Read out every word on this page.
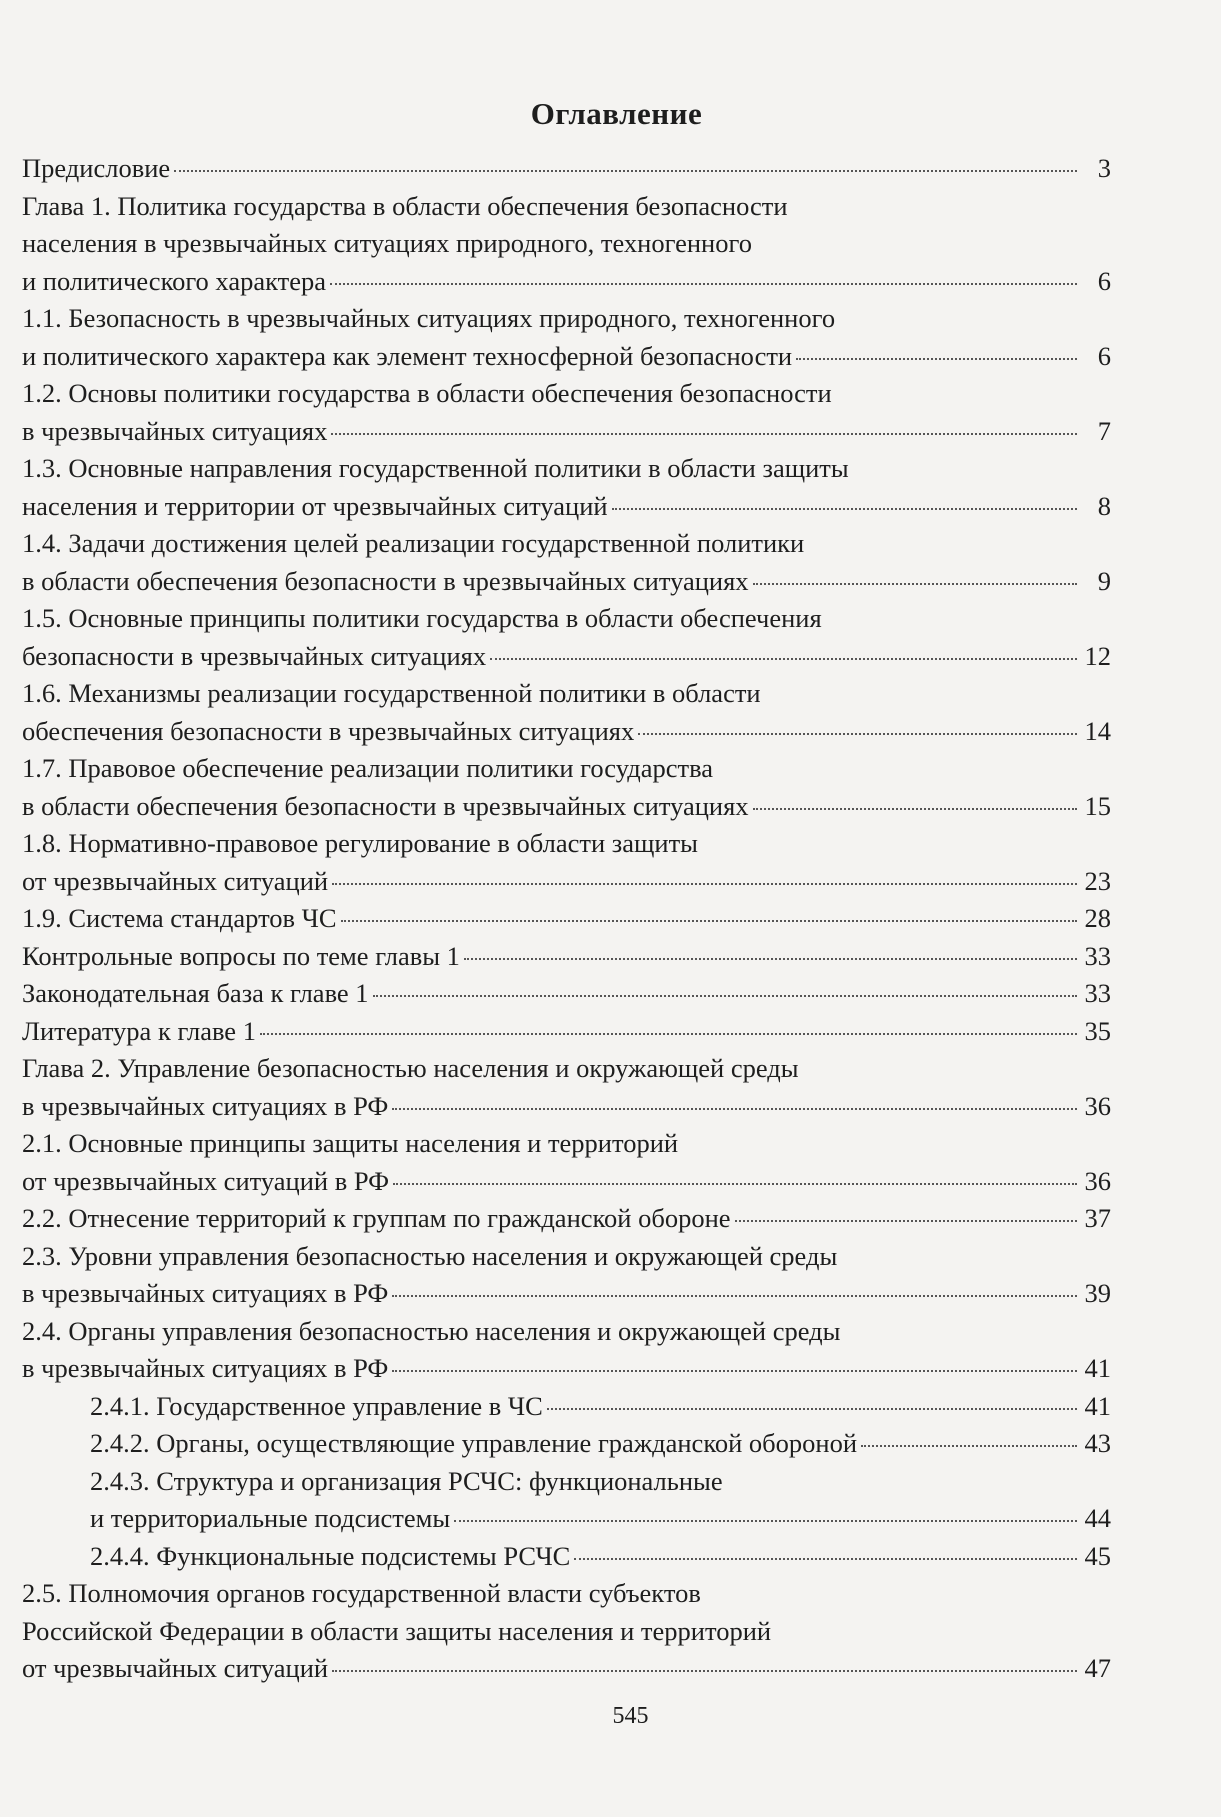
Оглавление
Предисловие	3
Глава 1. Политика государства в области обеспечения безопасности
населения в чрезвычайных ситуациях природного, техногенного
и политического характера	6
1.1. Безопасность в чрезвычайных ситуациях природного, техногенного
и политического характера как элемент техносферной безопасности	6
1.2. Основы политики государства в области обеспечения безопасности
в чрезвычайных ситуациях	7
1.3. Основные направления государственной политики в области защиты
населения и территории от чрезвычайных ситуаций	8
1.4. Задачи достижения целей реализации государственной политики
в области обеспечения безопасности в чрезвычайных ситуациях	9
1.5. Основные принципы политики государства в области обеспечения
безопасности в чрезвычайных ситуациях	12
1.6. Механизмы реализации государственной политики в области
обеспечения безопасности в чрезвычайных ситуациях	14
1.7. Правовое обеспечение реализации политики государства
в области обеспечения безопасности в чрезвычайных ситуациях	15
1.8. Нормативно-правовое регулирование в области защиты
от чрезвычайных ситуаций	23
1.9. Система стандартов ЧС	28
Контрольные вопросы по теме главы 1	33
Законодательная база к главе 1	33
Литература к главе 1	35
Глава 2. Управление безопасностью населения и окружающей среды
в чрезвычайных ситуациях в РФ	36
2.1. Основные принципы защиты населения и территорий
от чрезвычайных ситуаций в РФ	36
2.2. Отнесение территорий к группам по гражданской обороне	37
2.3. Уровни управления безопасностью населения и окружающей среды
в чрезвычайных ситуациях в РФ	39
2.4. Органы управления безопасностью населения и окружающей среды
в чрезвычайных ситуациях в РФ	41
2.4.1. Государственное управление в ЧС	41
2.4.2. Органы, осуществляющие управление гражданской обороной	43
2.4.3. Структура и организация РСЧС: функциональные
и территориальные подсистемы	44
2.4.4. Функциональные подсистемы РСЧС	45
2.5. Полномочия органов государственной власти субъектов
Российской Федерации в области защиты населения и территорий
от чрезвычайных ситуаций	47
545
